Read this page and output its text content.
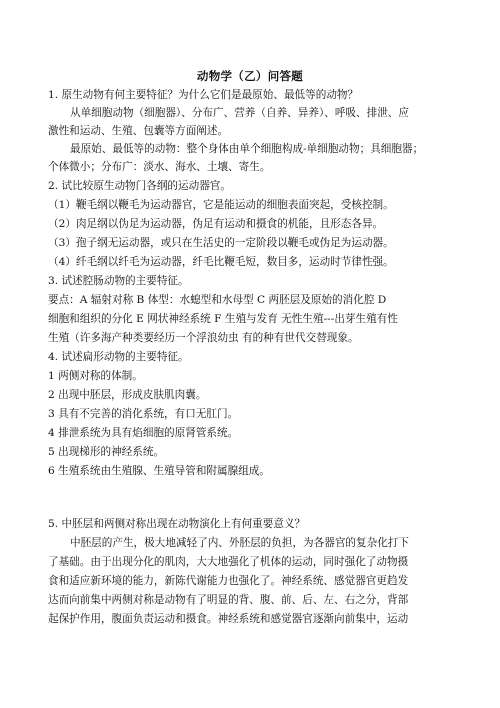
动物学（乙）问答题
1. 原生动物有何主要特征？为什么它们是最原始、最低等的动物？
从单细胞动物（细胞器）、分布广、营养（自养、异养）、呼吸、排泄、应
激性和运动、生殖、包囊等方面阐述。
最原始、最低等的动物：整个身体由单个细胞构成-单细胞动物；具细胞器；
个体微小；分布广：淡水、海水、土壤、寄生。
2. 试比较原生动物门各纲的运动器官。
（1）鞭毛纲以鞭毛为运动器官，它是能运动的细胞表面突起，受核控制。
（2）肉足纲以伪足为运动器，伪足有运动和摄食的机能，且形态各异。
（3）孢子纲无运动器，或只在生活史的一定阶段以鞭毛或伪足为运动器。
（4）纤毛纲以纤毛为运动器，纤毛比鞭毛短，数目多，运动时节律性强。
3. 试述腔肠动物的主要特征。
要点：A 辐射对称 B 体型：水螅型和水母型 C 两胚层及原始的消化腔 D
细胞和组织的分化 E 网状神经系统 F 生殖与发育 无性生殖---出芽生殖有性
生殖（许多海产种类要经历一个浮浪幼虫 有的种有世代交替现象。
4. 试述扁形动物的主要特征。
1 两侧对称的体制。
2 出现中胚层，形成皮肤肌肉囊。
3 具有不完善的消化系统，有口无肛门。
4 排泄系统为具有焰细胞的原肾管系统。
5 出现梯形的神经系统。
6 生殖系统由生殖腺、生殖导管和附属腺组成。
5. 中胚层和两侧对称出现在动物演化上有何重要意义？
中胚层的产生，极大地减轻了内、外胚层的负担，为各器官的复杂化打下
了基础。由于出现分化的肌肉，大大地强化了机体的运动，同时强化了动物摄
食和适应新环境的能力，新陈代谢能力也强化了。神经系统、感觉器官更趋发
达而向前集中两侧对称是动物有了明显的背、腹、前、后、左、右之分，背部
起保护作用，腹面负责运动和摄食。神经系统和感觉器官逐渐向前集中，运动
